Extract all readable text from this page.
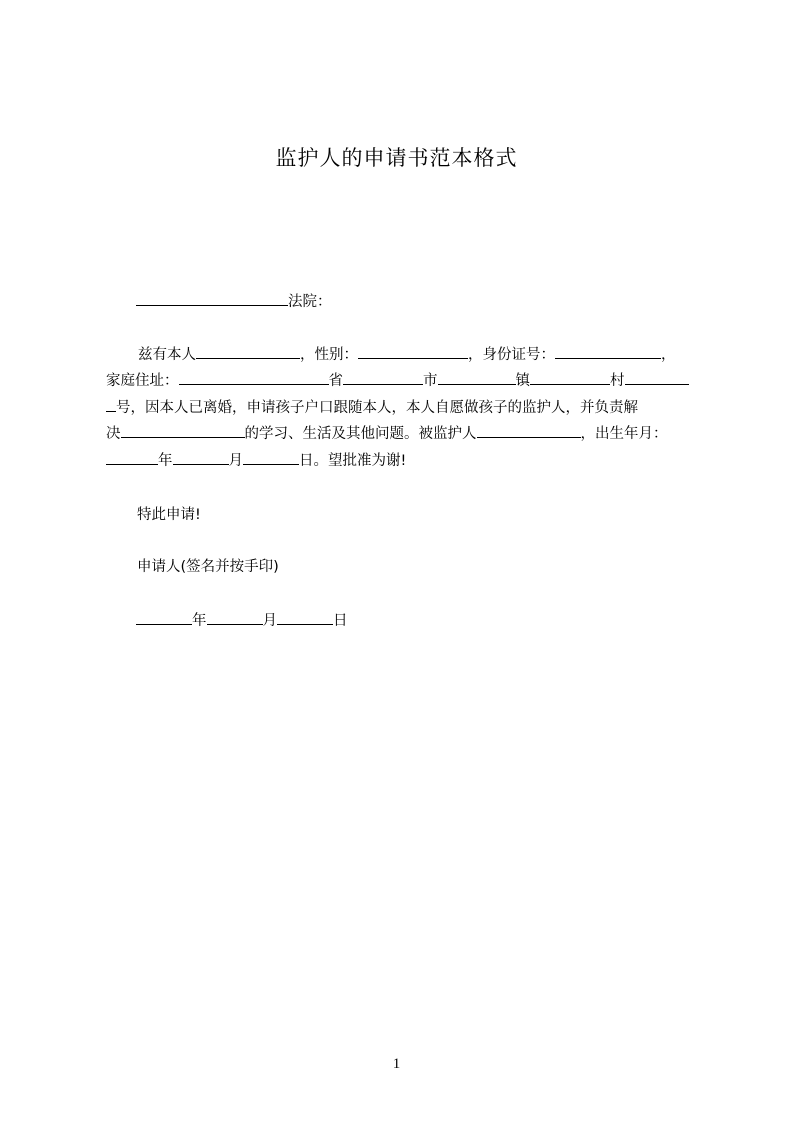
监护人的申请书范本格式
法院：
兹有本人	，性别：	，身份证号：	，
家庭住址：	省	市	镇	村
号，因本人已离婚，申请孩子户口跟随本人，本人自愿做孩子的监护人，并负责解
决	的学习、生活及其他问题。被监护人	，出生年月：
年	月	日。望批准为谢!
特此申请!
申请人(签名并按手印)
年	月	日
1
